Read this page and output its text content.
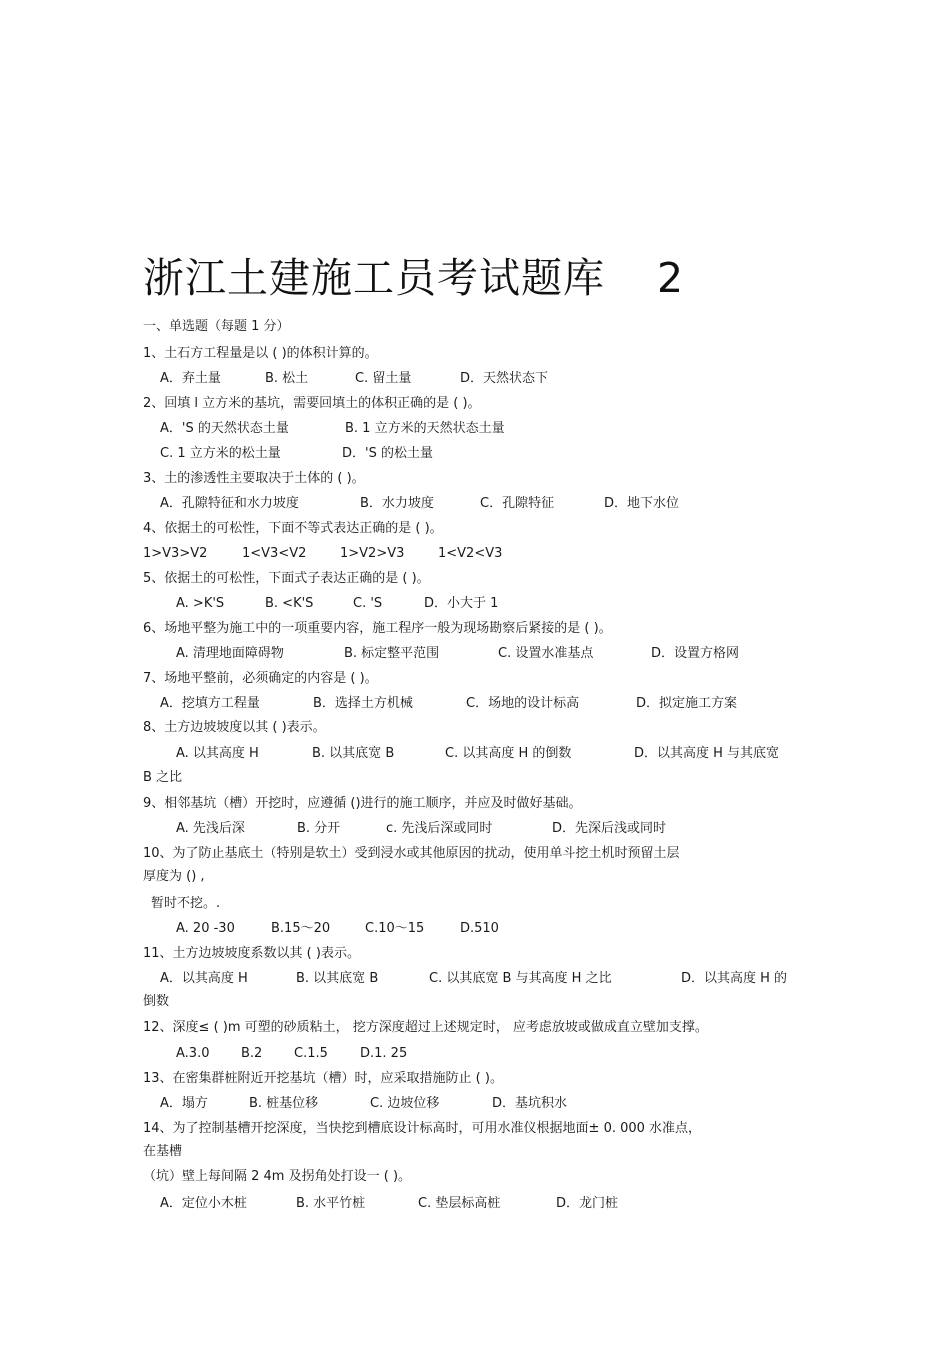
浙江土建施工员考试题库 2
一、单选题（每题 1 分）
1、土石方工程量是以 ( )的体积计算的。
A．弃土量	B. 松土	C. 留土量	D．天然状态下
2、回填 l 立方米的基坑，需要回填土的体积正确的是 ( )。
A．'S 的天然状态土量	B. 1 立方米的天然状态土量
C. 1 立方米的松土量	D．'S 的松土量
3、土的渗透性主要取决于土体的 ( )。
A．孔隙特征和水力坡度	B．水力坡度	C．孔隙特征	D．地下水位
4、依据土的可松性，下面不等式表达正确的是 ( )。
1>V3>V2	1<V3<V2	1>V2>V3	1<V2<V3
5、依据土的可松性，下面式子表达正确的是 ( )。
A. >K'S	B. <K'S	C. 'S	D．小大于 1
6、场地平整为施工中的一项重要内容，施工程序一般为现场勘察后紧接的是 ( )。
A. 清理地面障碍物	B. 标定整平范围	C. 设置水准基点	D．设置方格网
7、场地平整前，必须确定的内容是 ( )。
A．挖填方工程量	B．选择土方机械	C．场地的设计标高	D．拟定施工方案
8、土方边坡坡度以其 ( )表示。
A. 以其高度 H	B. 以其底宽 B	C. 以其高度 H 的倒数	D．以其高度 H 与其底宽
B 之比
9、相邻基坑（槽）开挖时，应遵循 ()进行的施工顺序，并应及时做好基础。
A. 先浅后深	B. 分开	c. 先浅后深或同时	D．先深后浅或同时
10、为了防止基底土（特别是软土）受到浸水或其他原因的扰动，使用单斗挖土机时预留土层
厚度为 () ,
暂时不挖。.
A. 20 -30	B.15～20	C.10～15	D.510
11、土方边坡坡度系数以其 ( )表示。
A．以其高度 H	B. 以其底宽 B	C. 以其底宽 B 与其高度 H 之比	D．以其高度 H 的
倒数
12、深度≤ ( )m 可塑的砂质粘土， 挖方深度超过上述规定时， 应考虑放坡或做成直立壁加支撑。
A.3.0 B.2 C.1.5 D.1. 25
13、在密集群桩附近开挖基坑（槽）时，应采取措施防止 ( )。
A．塌方	B. 桩基位移	C. 边坡位移	D．基坑积水
14、为了控制基槽开挖深度，当快挖到槽底设计标高时，可用水准仪根据地面± 0. 000 水准点，
在基槽
（坑）壁上每间隔 2 4m 及拐角处打设一 ( )。
A．定位小木桩	B. 水平竹桩	C. 垫层标高桩	D．龙门桩
